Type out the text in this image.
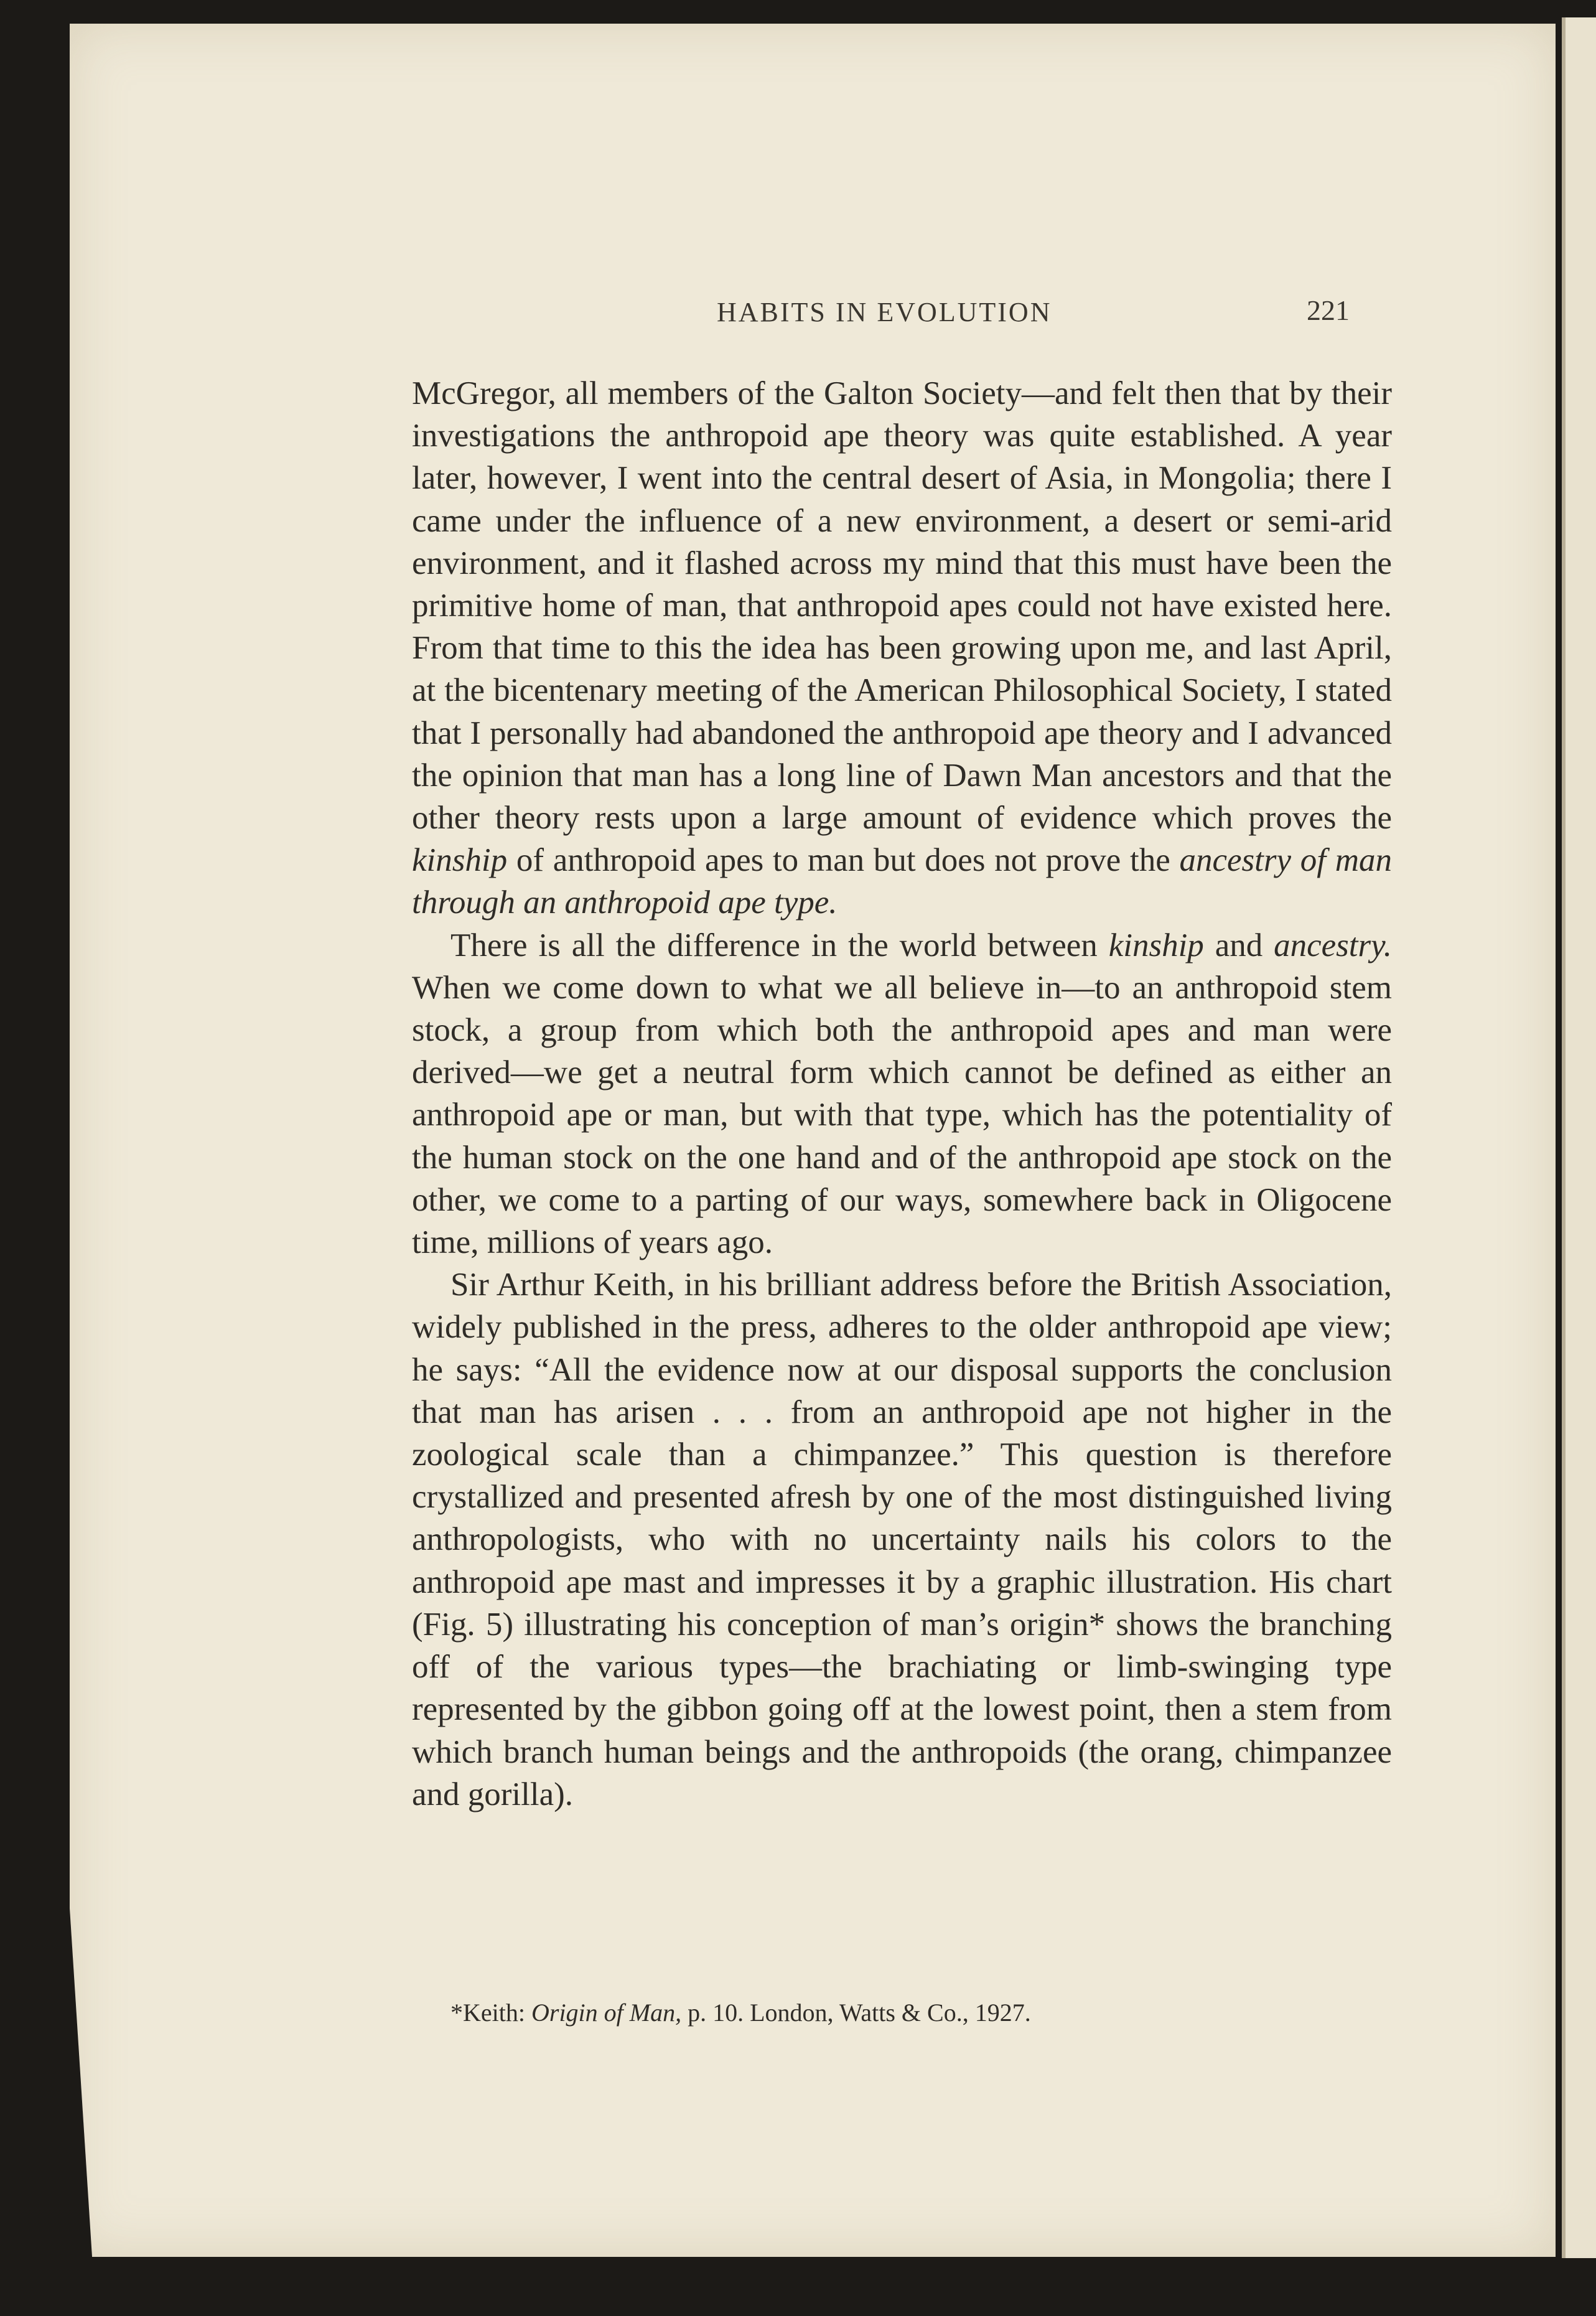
HABITS IN EVOLUTION	221

McGregor, all members of the Galton Society—and felt then that by their investigations the anthropoid ape theory was quite established. A year later, however, I went into the central desert of Asia, in Mongolia; there I came under the influence of a new environment, a desert or semi-arid environment, and it flashed across my mind that this must have been the primitive home of man, that anthropoid apes could not have existed here. From that time to this the idea has been growing upon me, and last April, at the bicentenary meeting of the American Philosophical Society, I stated that I personally had abandoned the anthropoid ape theory and I advanced the opinion that man has a long line of Dawn Man ancestors and that the other theory rests upon a large amount of evidence which proves the kinship of anthropoid apes to man but does not prove the ancestry of man through an anthropoid ape type.

There is all the difference in the world between kinship and ancestry. When we come down to what we all believe in—to an anthropoid stem stock, a group from which both the anthropoid apes and man were derived—we get a neutral form which cannot be defined as either an anthropoid ape or man, but with that type, which has the potentiality of the human stock on the one hand and of the anthropoid ape stock on the other, we come to a parting of our ways, somewhere back in Oligocene time, millions of years ago.

Sir Arthur Keith, in his brilliant address before the British Association, widely published in the press, adheres to the older anthropoid ape view; he says: “All the evidence now at our disposal supports the conclusion that man has arisen . . . from an anthropoid ape not higher in the zoological scale than a chimpanzee.” This question is therefore crystallized and presented afresh by one of the most distinguished living anthropologists, who with no uncertainty nails his colors to the anthropoid ape mast and impresses it by a graphic illustration. His chart (Fig. 5) illustrating his conception of man’s origin* shows the branching off of the various types—the brachiating or limb-swinging type represented by the gibbon going off at the lowest point, then a stem from which branch human beings and the anthropoids (the orang, chimpanzee and gorilla).

*Keith: Origin of Man, p. 10. London, Watts & Co., 1927.
